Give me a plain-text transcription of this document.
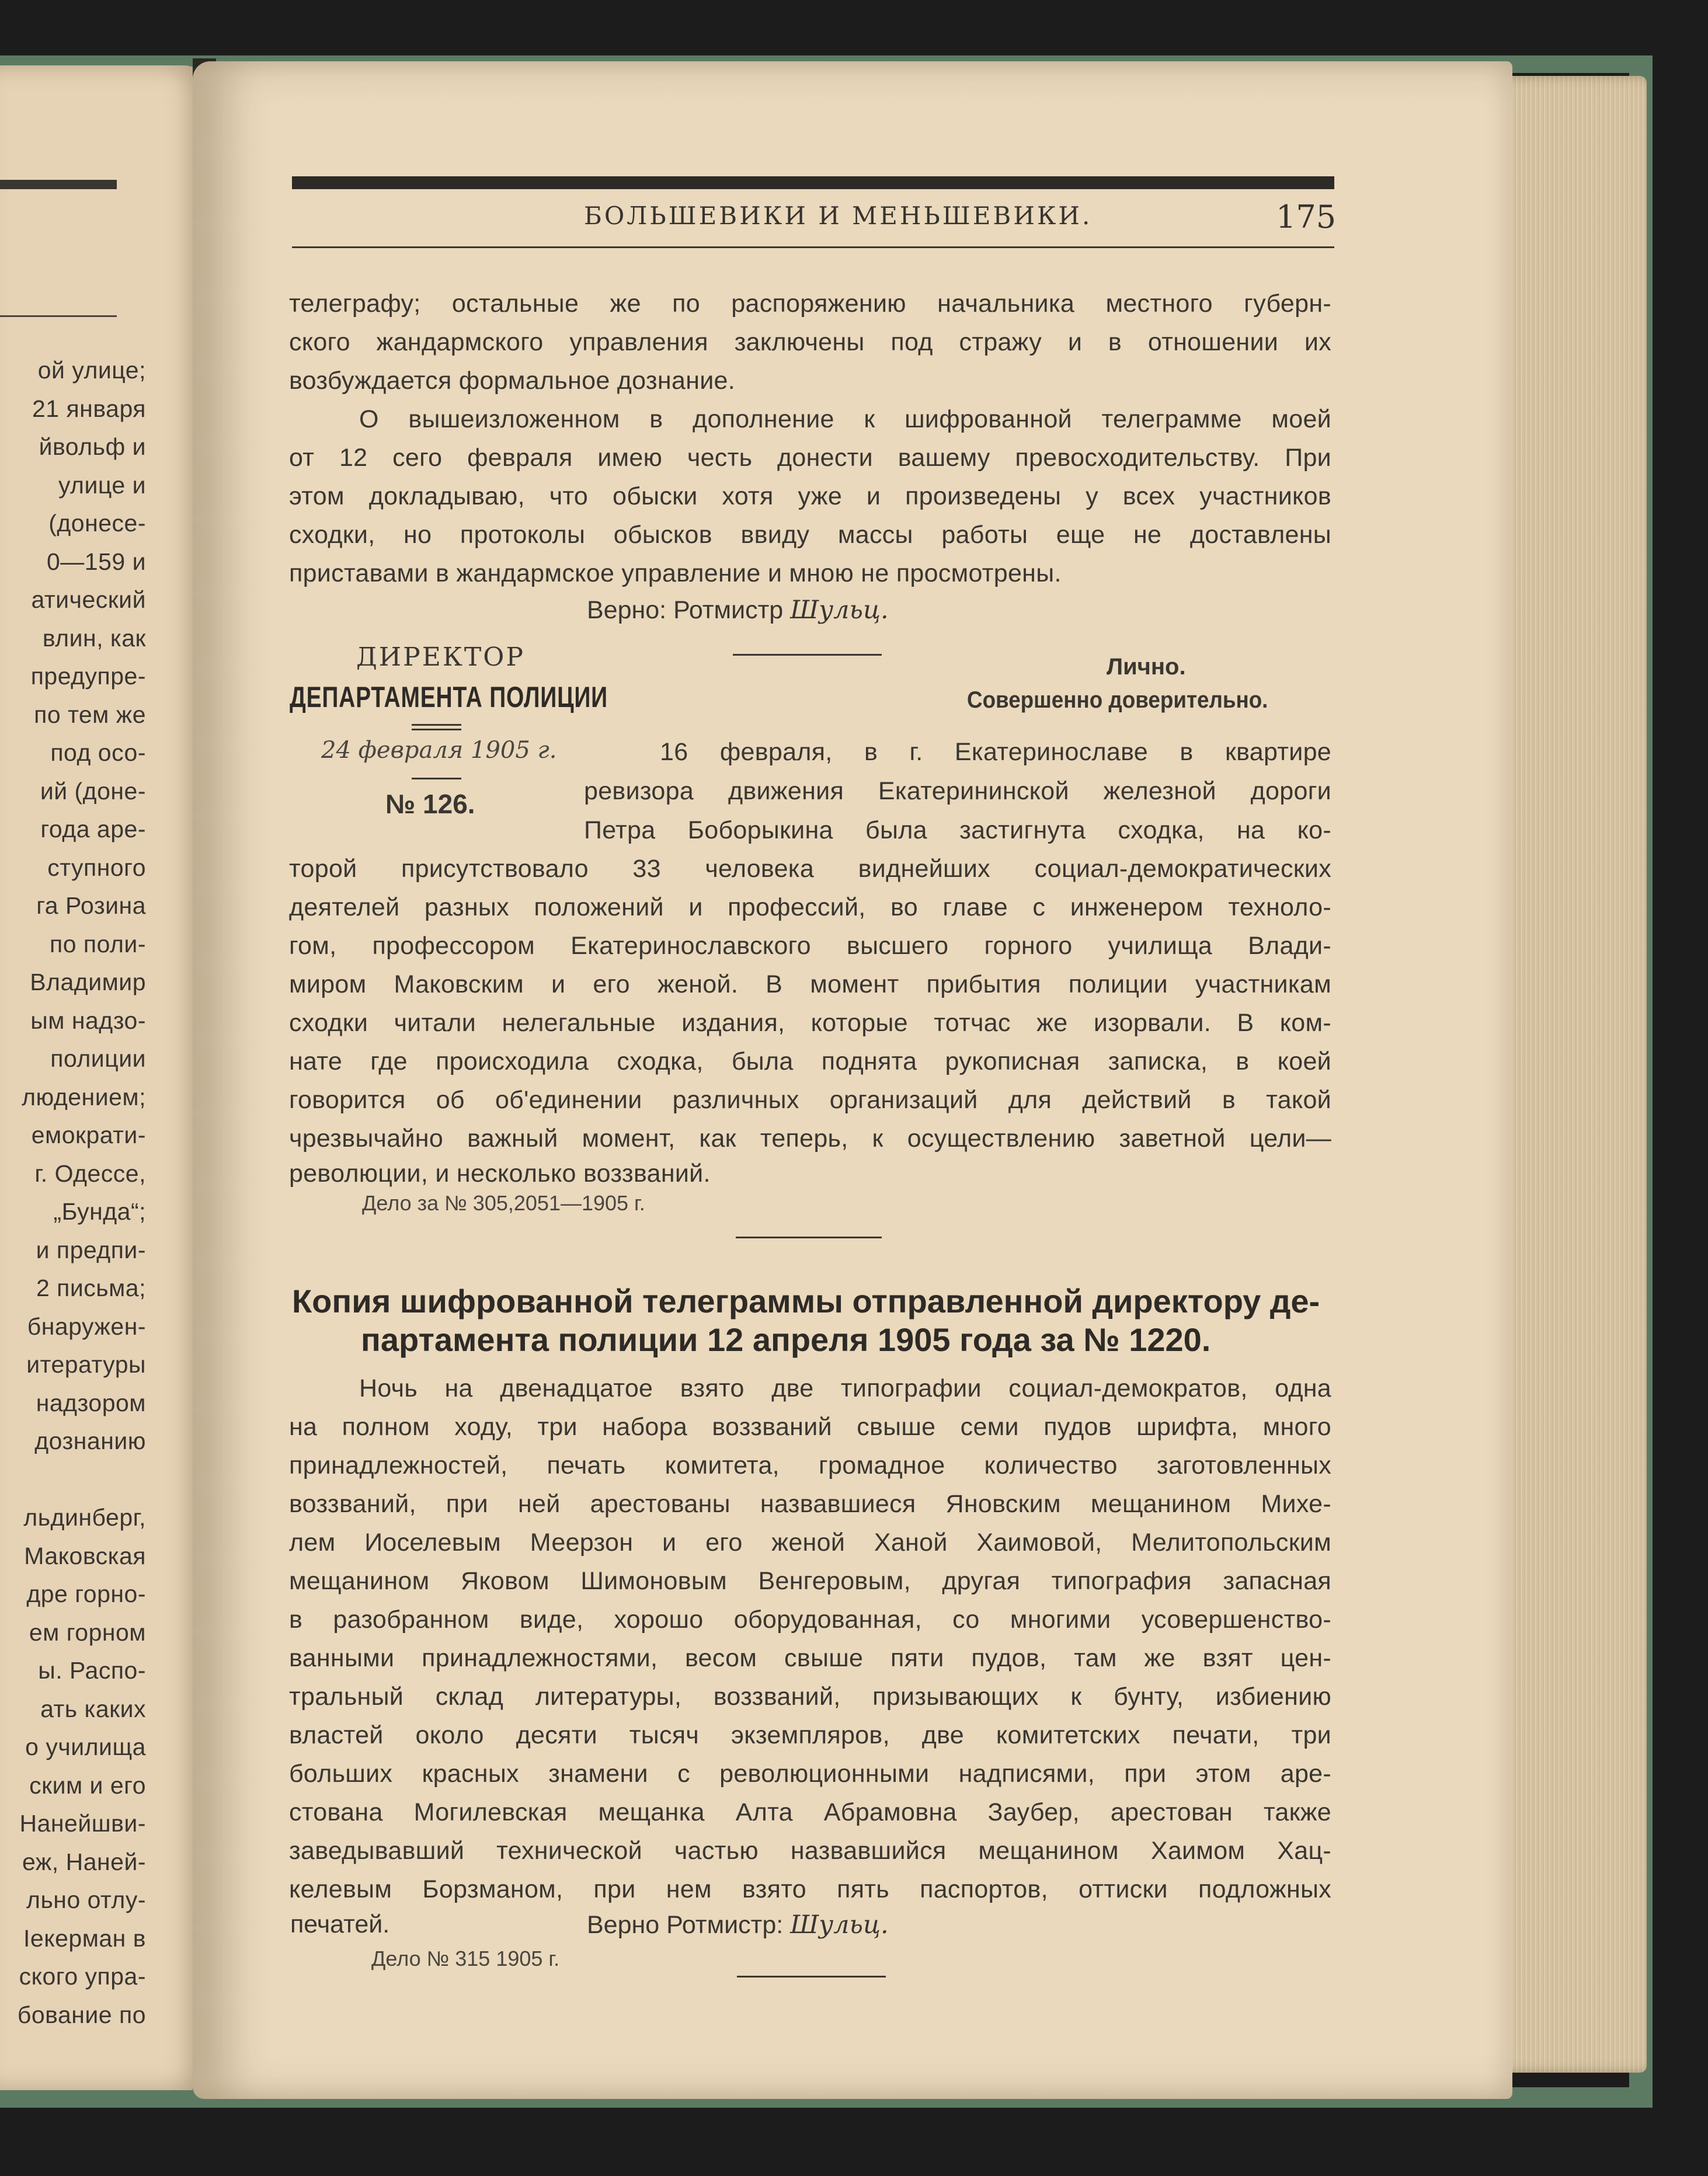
ой улице;
21 января
йвольф и
улице и
(донесе-
0—159 и
атический
влин, как
предупре-
по тем же
под осо-
ий (доне-
года аре-
ступного
га Розина
по поли-
Владимир
ым надзо-
полиции
людением;
емократи-
г. Одессе,
„Бунда“;
и предпи-
2 письма;
бнаружен-
итературы
надзором
дознанию
льдинберг,
Маковская
дре горно-
ем горном
ы. Распо-
ать каких
о училища
ским и его
Нанейшви-
еж, Наней-
льно отлу-
Іекерман в
ского упра-
бование по
БОЛЬШЕВИКИ И МЕНЬШЕВИКИ.	175
телеграфу; остальные же по распоряжению начальника местного губерн-
ского жандармского управления заключены под стражу и в отношении их
возбуждается формальное дознание.
О вышеизложенном в дополнение к шифрованной телеграмме моей
от 12 сего февраля имею честь донести вашему превосходительству. При
этом докладываю, что обыски хотя уже и произведены у всех участников
сходки, но протоколы обысков ввиду массы работы еще не доставлены
приставами в жандармское управление и мною не просмотрены.
Верно: Ротмистр Шульц.
ДИРЕКТОР
ДЕПАРТАМЕНТА ПОЛИЦИИ
24 февраля 1905 г.
№ 126.
Лично.
Совершенно доверительно.
16 февраля, в г. Екатеринославе в квартире
ревизора движения Екатерининской железной дороги
Петра Боборыкина была застигнута сходка, на ко-
торой присутствовало 33 человека виднейших социал-демократических
деятелей разных положений и профессий, во главе с инженером техноло-
гом, профессором Екатеринославского высшего горного училища Влади-
миром Маковским и его женой. В момент прибытия полиции участникам
сходки читали нелегальные издания, которые тотчас же изорвали. В ком-
нате где происходила сходка, была поднята рукописная записка, в коей
говорится об об'единении различных организаций для действий в такой
чрезвычайно важный момент, как теперь, к осуществлению заветной цели—
революции, и несколько воззваний.
Дело за № 305,2051—1905 г.
Копия шифрованной телеграммы отправленной директору де-
партамента полиции 12 апреля 1905 года за № 1220.
Ночь на двенадцатое взято две типографии социал-демократов, одна
на полном ходу, три набора воззваний свыше семи пудов шрифта, много
принадлежностей, печать комитета, громадное количество заготовленных
воззваний, при ней арестованы назвавшиеся Яновским мещанином Михе-
лем Иоселевым Меерзон и его женой Ханой Хаимовой, Мелитопольским
мещанином Яковом Шимоновым Венгеровым, другая типография запасная
в разобранном виде, хорошо оборудованная, со многими усовершенство-
ванными принадлежностями, весом свыше пяти пудов, там же взят цен-
тральный склад литературы, воззваний, призывающих к бунту, избиению
властей около десяти тысяч экземпляров, две комитетских печати, три
больших красных знамени с революционными надписями, при этом аре-
стована Могилевская мещанка Алта Абрамовна Заубер, арестован также
заведывавший технической частью назвавшийся мещанином Хаимом Хац-
келевым Борзманом, при нем взято пять паспортов, оттиски подложных
печатей.	Верно Ротмистр: Шульц.
Дело № 315 1905 г.
